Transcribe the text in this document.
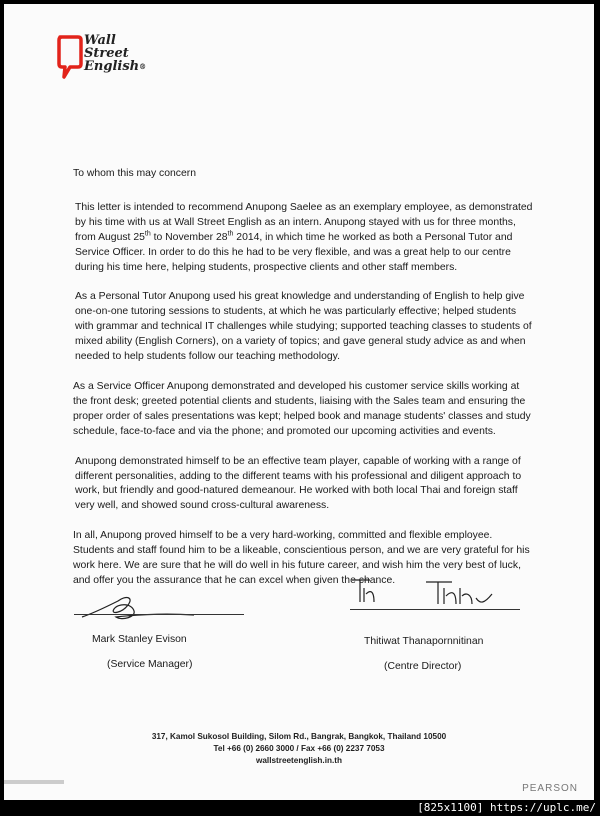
Wall
Street
English®

To whom this may concern

This letter is intended to recommend Anupong Saelee as an exemplary employee, as demonstrated by his time with us at Wall Street English as an intern. Anupong stayed with us for three months, from August 25th to November 28th 2014, in which time he worked as both a Personal Tutor and Service Officer. In order to do this he had to be very flexible, and was a great help to our centre during his time here, helping students, prospective clients and other staff members.

As a Personal Tutor Anupong used his great knowledge and understanding of English to help give one-on-one tutoring sessions to students, at which he was particularly effective; helped students with grammar and technical IT challenges while studying; supported teaching classes to students of mixed ability (English Corners), on a variety of topics; and gave general study advice as and when needed to help students follow our teaching methodology.

As a Service Officer Anupong demonstrated and developed his customer service skills working at the front desk; greeted potential clients and students, liaising with the Sales team and ensuring the proper order of sales presentations was kept; helped book and manage students' classes and study schedule, face-to-face and via the phone; and promoted our upcoming activities and events.

Anupong demonstrated himself to be an effective team player, capable of working with a range of different personalities, adding to the different teams with his professional and diligent approach to work, but friendly and good-natured demeanour. He worked with both local Thai and foreign staff very well, and showed sound cross-cultural awareness.

In all, Anupong proved himself to be a very hard-working, committed and flexible employee. Students and staff found him to be a likeable, conscientious person, and we are very grateful for his work here. We are sure that he will do well in his future career, and wish him the very best of luck, and offer you the assurance that he can excel when given the chance.

Mark Stanley Evison
(Service Manager)
Thitiwat Thanapornnitinan
(Centre Director)
317, Kamol Sukosol Building, Silom Rd., Bangrak, Bangkok, Thailand 10500
Tel +66 (0) 2660 3000 / Fax +66 (0) 2237 7053
wallstreetenglish.in.th
PEARSON
[825x1100] https://uplc.me/
